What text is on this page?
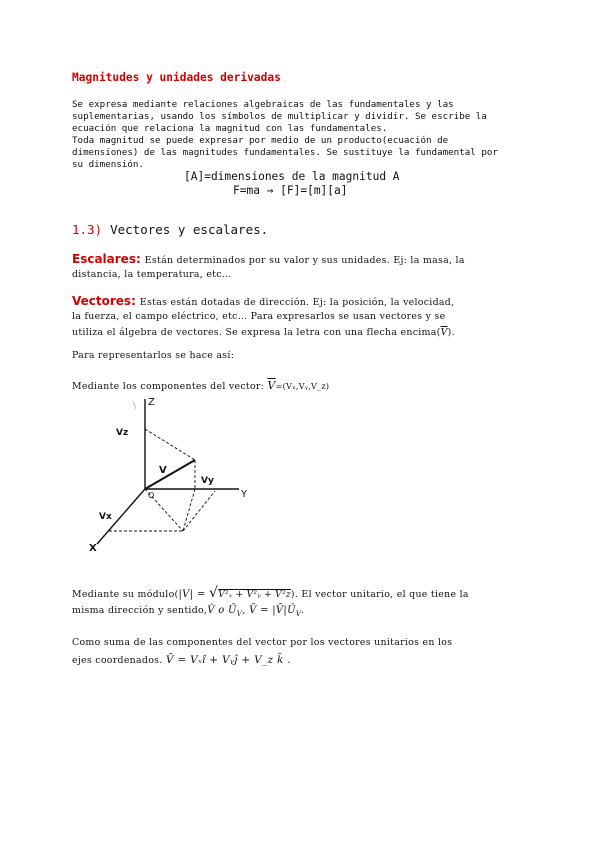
Magnitudes y unidades derivadas
Se expresa mediante relaciones algebraicas de las fundamentales y las
suplementarias, usando los símbolos de multiplicar y dividir. Se escribe la
ecuación que relaciona la magnitud con las fundamentales.
Toda magnitud se puede expresar por medio de un producto(ecuación de
dimensiones) de las magnitudes fundamentales. Se sustituye la fundamental por
su dimensión.
[A]=dimensiones de la magnitud A
F=ma → [F]=[m][a]
1.3) Vectores y escalares.
Escalares: Están determinados por su valor y sus unidades. Ej: la masa, la
distancia, la temperatura, etc...
Vectores: Estas están dotadas de dirección. Ej: la posición, la velocidad,
la fuerza, el campo eléctrico, etc… Para expresarlos se usan vectores y se
utiliza el álgebra de vectores. Se expresa la letra con una flecha $encima(\overline{V})$.
Para representarlos se hace así:
Mediante los componentes del vector: $\overline{V}=(V_x,Vᵧ,V\_z)$
Z
\
Y
X
V
Vz
Vy
Vx
O
Mediante su módulo(|V| = √V²ₓ + V²ᵧ + V²z). El vector unitario, el que tiene la
misma dirección y sentido,V̂ o $Ū_V$, V̄ = $|V̄|Û_V$.
Como suma de las componentes del vector por los vectores unitarios en los
ejes coordenados. V̄ = Vₓî + Vᵧĵ + V_z k̄ .
